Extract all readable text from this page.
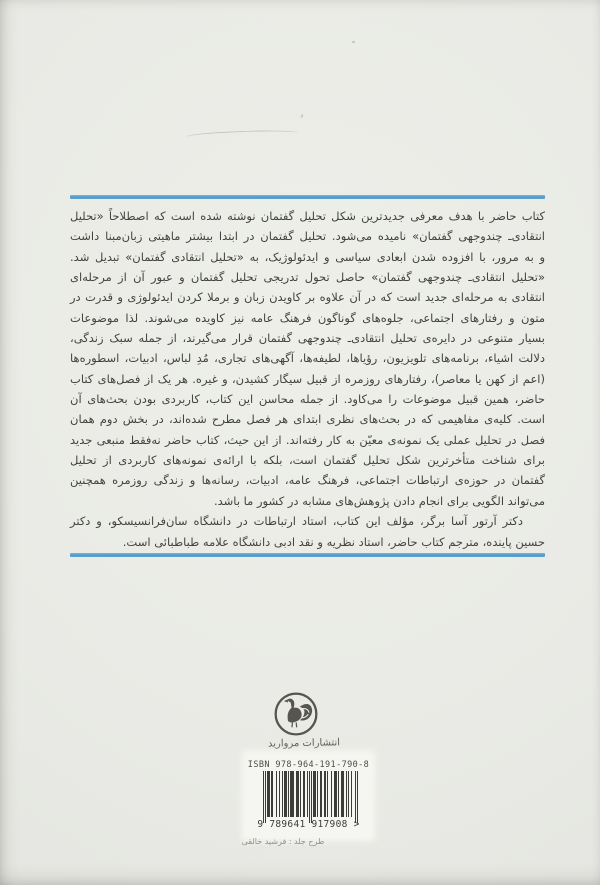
کتاب حاضر با هدف معرفی جدیدترین شکل تحلیل گفتمان نوشته شده است که اصطلاحاً «تحلیل
انتقادی‌ـ چندوجهی گفتمان» نامیده می‌شود. تحلیل گفتمان در ابتدا بیشتر ماهیتی زبان‌مبنا داشت
و به مرور، با افزوده شدن ابعادی سیاسی و ایدئولوژیک، به «تحلیل انتقادی گفتمان» تبدیل شد.
«تحلیل انتقادی‌ـ چندوجهی گفتمان» حاصل تحول تدریجی تحلیل گفتمان و عبور آن از مرحله‌ای
انتقادی به مرحله‌ای جدید است که در آن علاوه بر کاویدن زبان و برملا کردن ایدئولوژی و قدرت در
متون و رفتارهای اجتماعی، جلوه‌های گوناگون فرهنگ عامه نیز کاویده می‌شوند. لذا موضوعات
بسیار متنوعی در دایره‌ی تحلیل انتقادی‌ـ چندوجهی گفتمان قرار می‌گیرند، از جمله سبک زندگی،
دلالت اشیاء، برنامه‌های تلویزیون، رؤیاها، لطیفه‌ها، آگهی‌های تجاری، مُدِ لباس، ادبیات، اسطوره‌ها
(اعم از کهن یا معاصر)، رفتارهای روزمره از قبیل سیگار کشیدن، و غیره. هر یک از فصل‌های کتاب
حاضر، همین قبیل موضوعات را می‌کاود. از جمله محاسن این کتاب، کاربردی بودن بحث‌های آن
است. کلیه‌ی مفاهیمی که در بحث‌های نظری ابتدای هر فصل مطرح شده‌اند، در بخش دوم همان
فصل در تحلیل عملی یک نمونه‌ی معیّن به کار رفته‌اند. از این حیث، کتاب حاضر نه‌فقط منبعی جدید
برای شناخت متأخرترین شکل تحلیل گفتمان است، بلکه با ارائه‌ی نمونه‌های کاربردی از تحلیل
گفتمان در حوزه‌ی ارتباطات اجتماعی، فرهنگ عامه، ادبیات، رسانه‌ها و زندگی روزمره همچنین
می‌تواند الگویی برای انجام دادن پژوهش‌های مشابه در کشور ما باشد.
دکتر آرتور آسا برگر، مؤلف این کتاب، استاد ارتباطات در دانشگاه سان‌فرانسیسکو، و دکتر
حسین پاینده، مترجم کتاب حاضر، استاد نظریه و نقد ادبی دانشگاه علامه طباطبائی است.
انتشارات مروارید
ISBN 978-964-191-790-8
9 789641 917908 >
طرح جلد : فرشید خالقی
